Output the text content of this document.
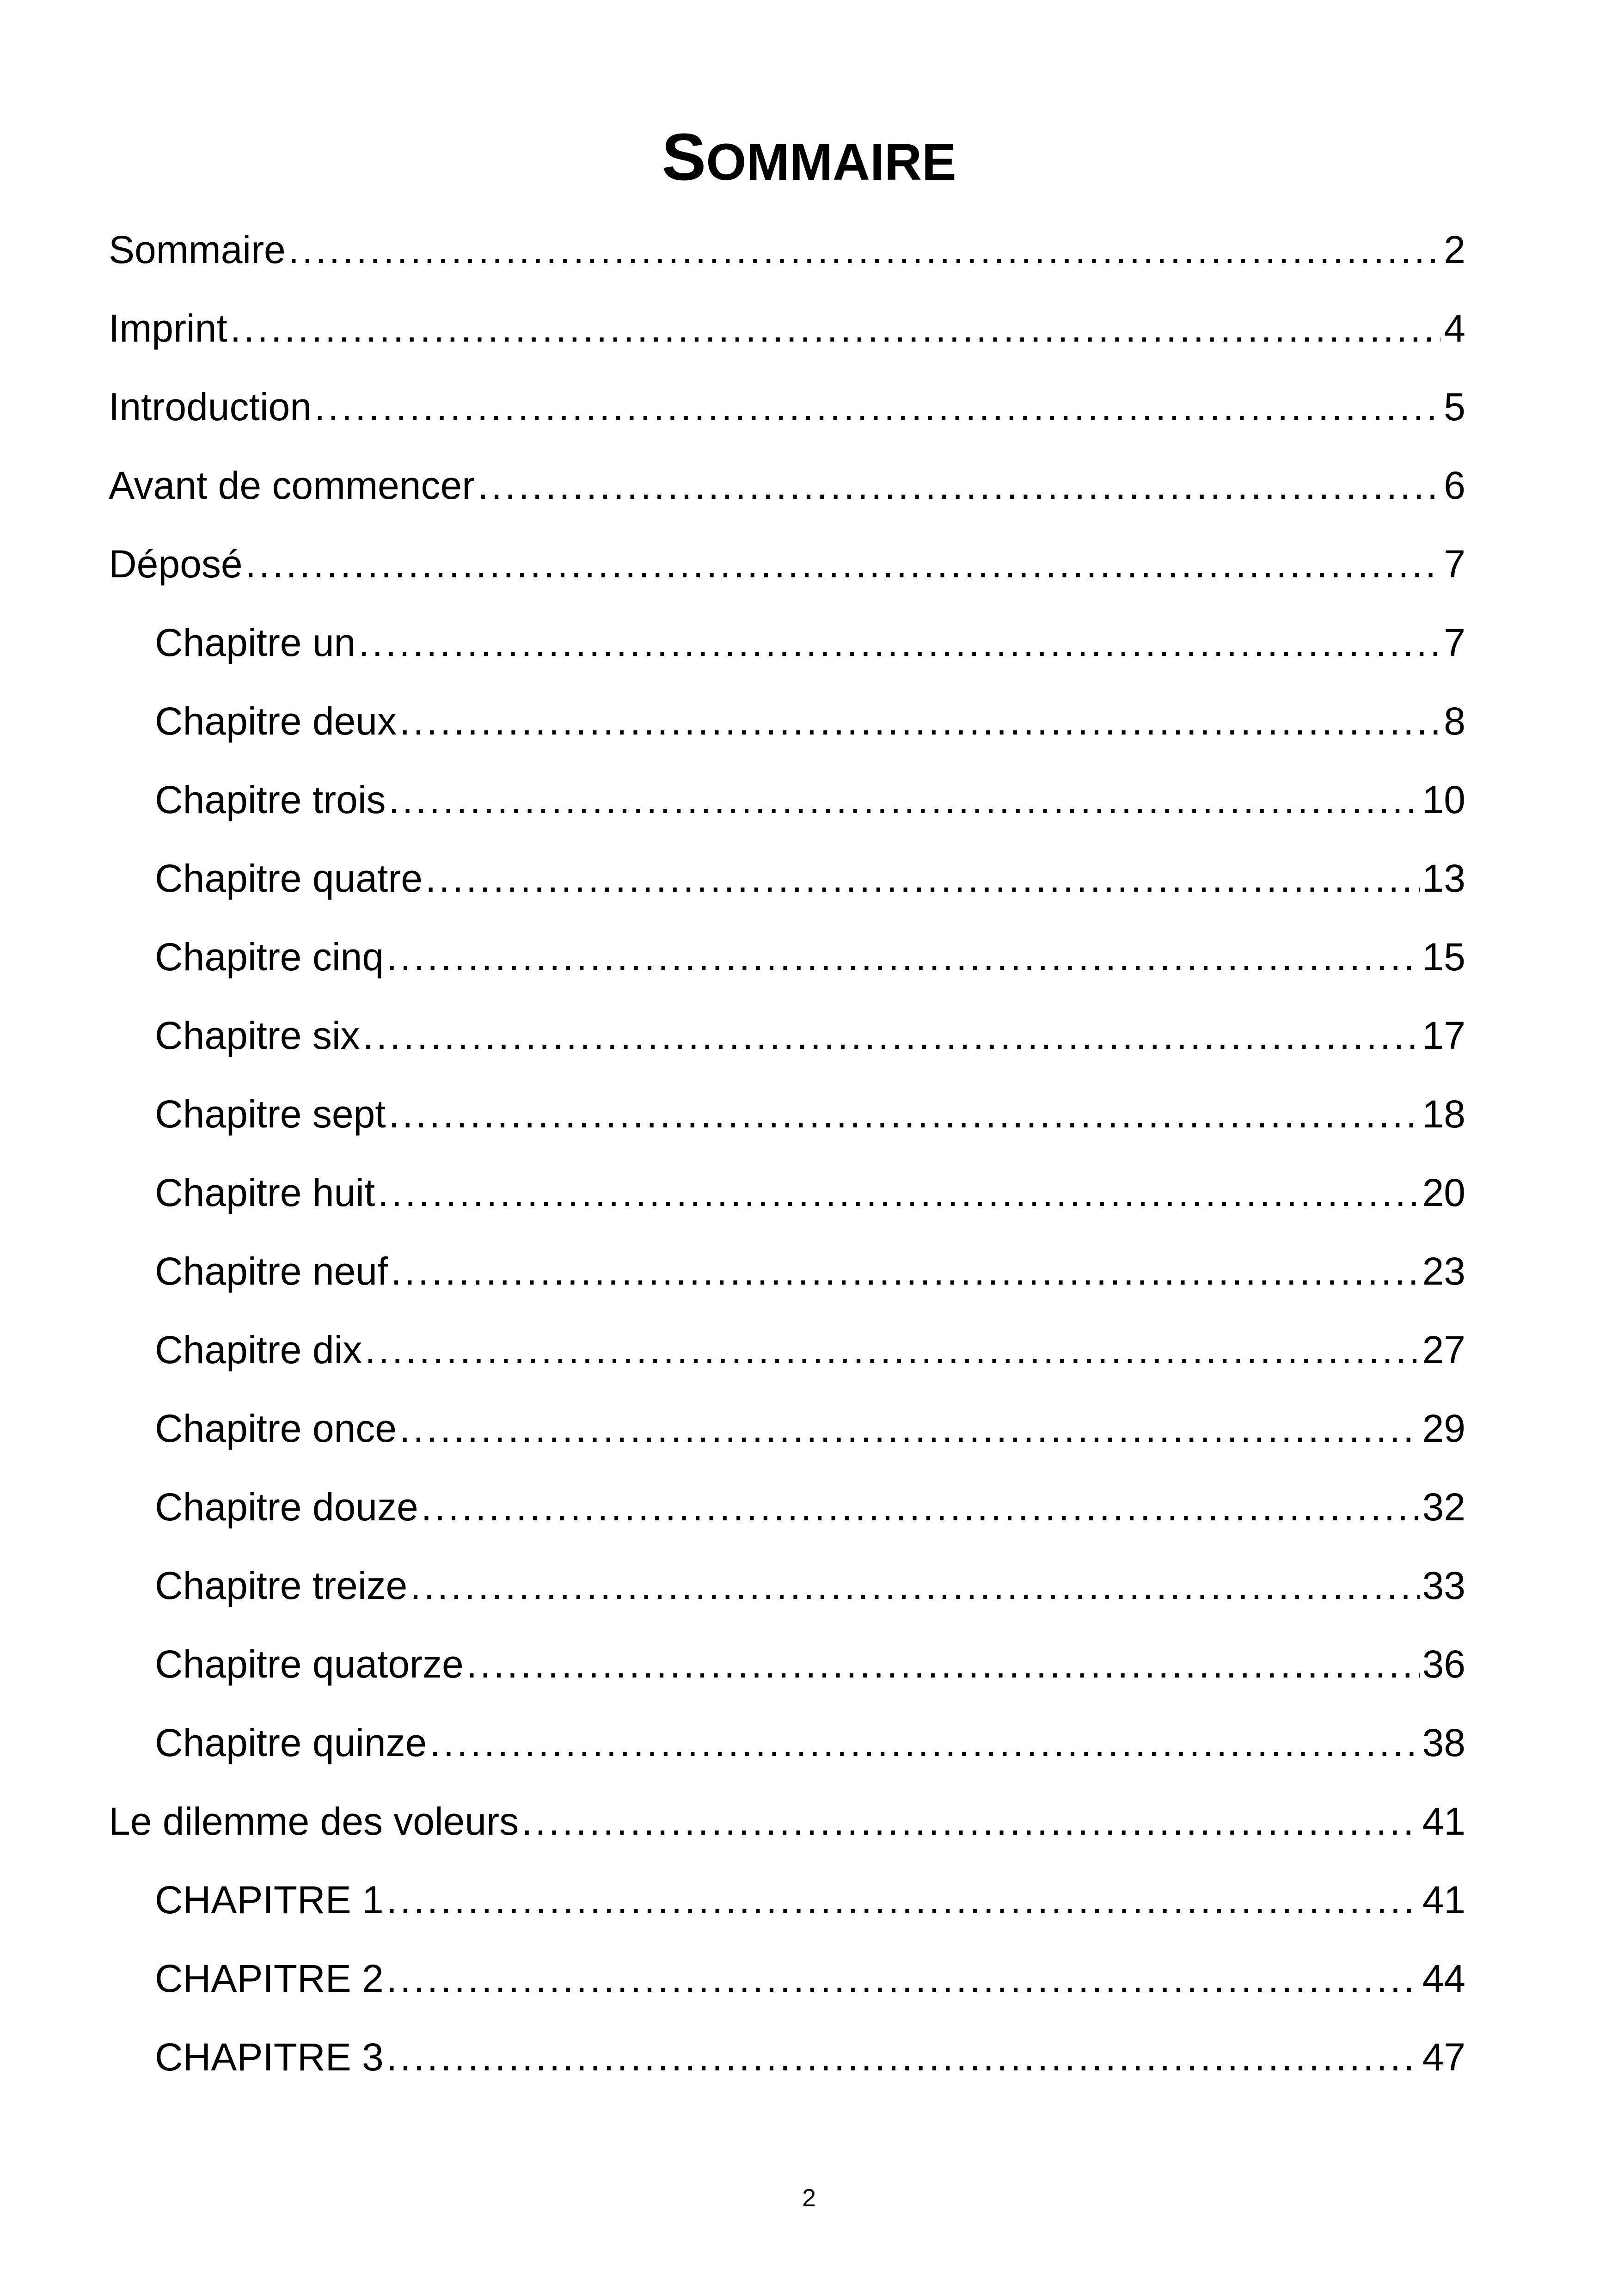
SOMMAIRE
Sommaire .....	2
Imprint .....	4
Introduction .....	5
Avant de commencer .....	6
Déposé .....	7
Chapitre un .....	7
Chapitre deux .....	8
Chapitre trois .....	10
Chapitre quatre .....	13
Chapitre cinq .....	15
Chapitre six .....	17
Chapitre sept .....	18
Chapitre huit .....	20
Chapitre neuf .....	23
Chapitre dix .....	27
Chapitre once .....	29
Chapitre douze .....	32
Chapitre treize .....	33
Chapitre quatorze .....	36
Chapitre quinze .....	38
Le dilemme des voleurs .....	41
CHAPITRE 1 .....	41
CHAPITRE 2 .....	44
CHAPITRE 3 .....	47
2
